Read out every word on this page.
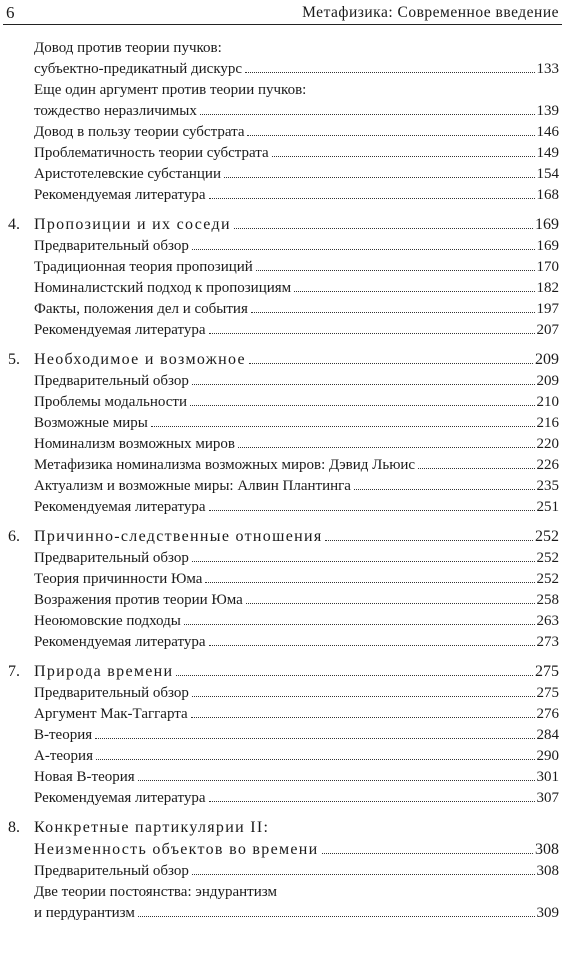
6	Метафизика: Современное введение
Довод против теории пучков:
субъектно-предикатный дискурс	133
Еще один аргумент против теории пучков:
тождество неразличимых	139
Довод в пользу теории субстрата	146
Проблематичность теории субстрата	149
Аристотелевские субстанции	154
Рекомендуемая литература	168
4. Пропозиции и их соседи	169
Предварительный обзор	169
Традиционная теория пропозиций	170
Номиналистский подход к пропозициям	182
Факты, положения дел и события	197
Рекомендуемая литература	207
5. Необходимое и возможное	209
Предварительный обзор	209
Проблемы модальности	210
Возможные миры	216
Номинализм возможных миров	220
Метафизика номинализма возможных миров: Дэвид Льюис	226
Актуализм и возможные миры: Алвин Плантинга	235
Рекомендуемая литература	251
6. Причинно-следственные отношения	252
Предварительный обзор	252
Теория причинности Юма	252
Возражения против теории Юма	258
Неоюмовские подходы	263
Рекомендуемая литература	273
7. Природа времени	275
Предварительный обзор	275
Аргумент Мак-Таггарта	276
B-теория	284
A-теория	290
Новая B-теория	301
Рекомендуемая литература	307
8. Конкретные партикулярии II:
Неизменность объектов во времени	308
Предварительный обзор	308
Две теории постоянства: эндурантизм
и пердурантизм	309
